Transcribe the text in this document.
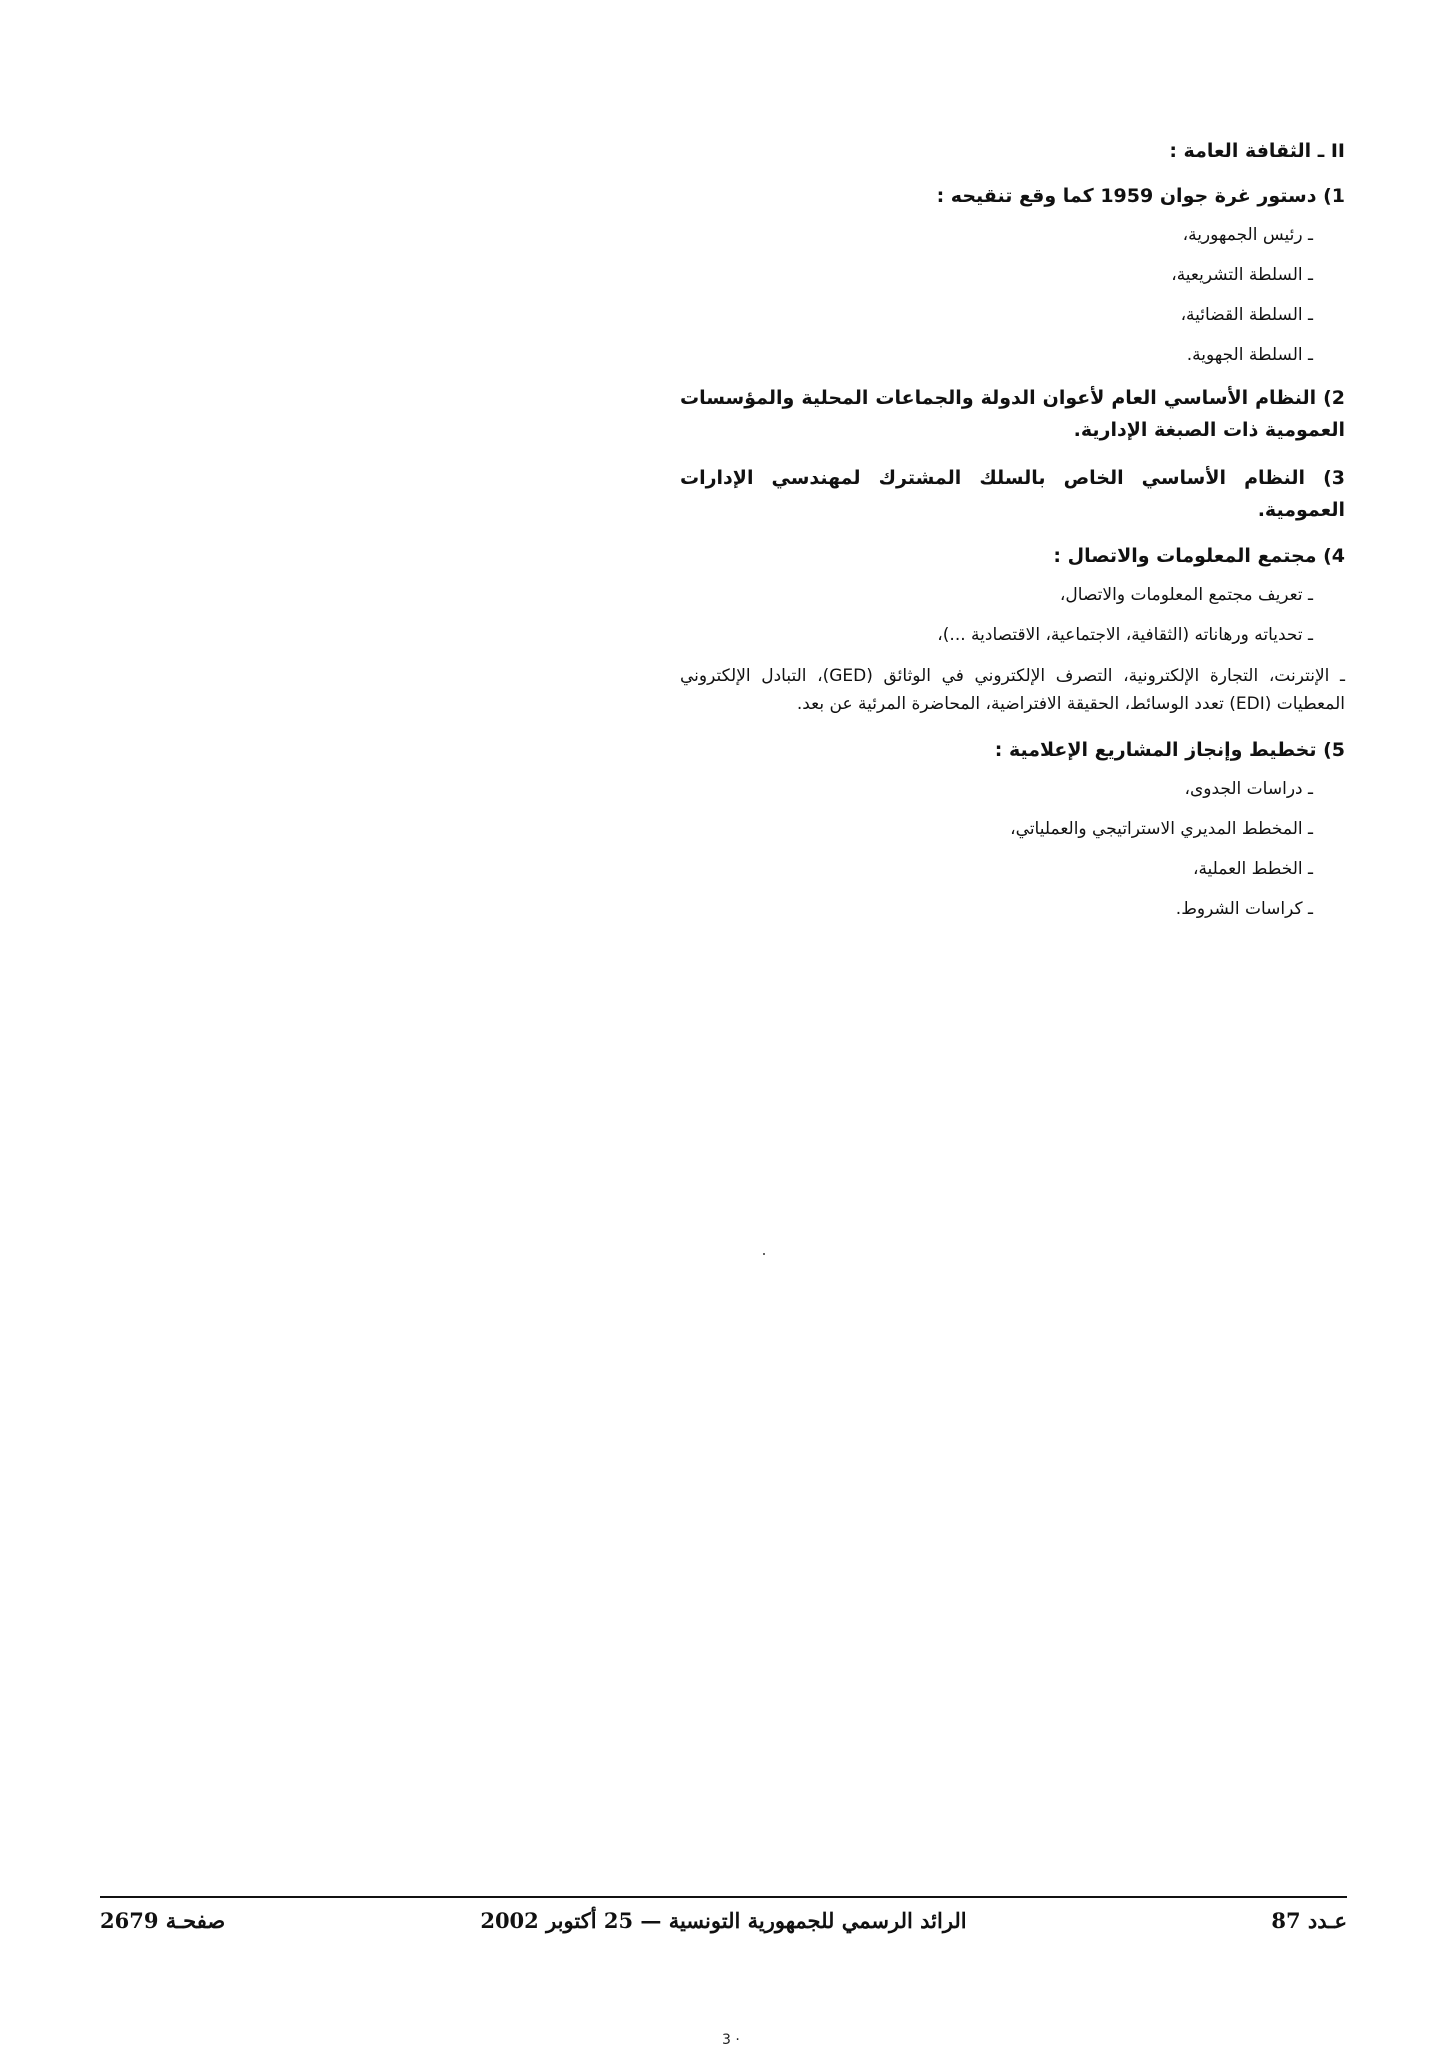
II ـ الثقافة العامة :
1) دستور غرة جوان 1959 كما وقع تنقيحه :
ـ رئيس الجمهورية،
ـ السلطة التشريعية،
ـ السلطة القضائية،
ـ السلطة الجهوية.
2) النظام الأساسي العام لأعوان الدولة والجماعات المحلية والمؤسسات العمومية ذات الصبغة الإدارية.
3) النظام الأساسي الخاص بالسلك المشترك لمهندسي الإدارات العمومية.
4) مجتمع المعلومات والاتصال :
ـ تعريف مجتمع المعلومات والاتصال،
ـ تحدياته ورهاناته (الثقافية، الاجتماعية، الاقتصادية ...)،
ـ الإنترنت، التجارة الإلكترونية، التصرف الإلكتروني في الوثائق (GED)، التبادل الإلكتروني المعطيات (EDI) تعدد الوسائط، الحقيقة الافتراضية، المحاضرة المرئية عن بعد.
5) تخطيط وإنجاز المشاريع الإعلامية :
ـ دراسات الجدوى،
ـ المخطط المديري الاستراتيجي والعملياتي،
ـ الخطط العملية،
ـ كراسات الشروط.
عـدد 87
الرائد الرسمي للجمهورية التونسية — 25 أكتوبر 2002
صفحـة 2679
3 ·
